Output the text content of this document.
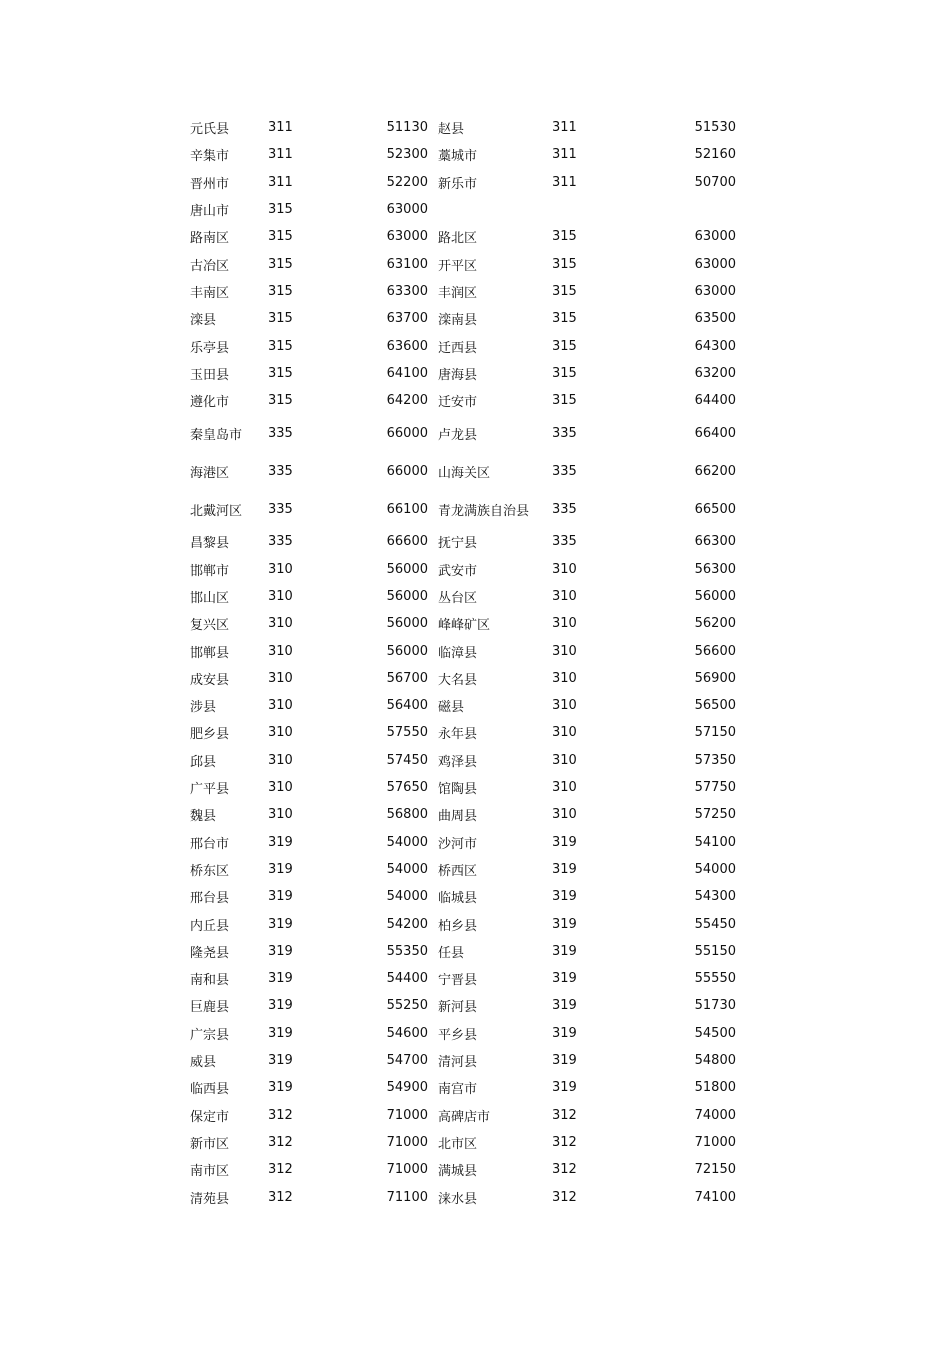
元氏县	311	51130	赵县	311	51530
辛集市	311	52300	藁城市	311	52160
晋州市	311	52200	新乐市	311	50700
唐山市	315	63000			
路南区	315	63000	路北区	315	63000
古冶区	315	63100	开平区	315	63000
丰南区	315	63300	丰润区	315	63000
滦县	315	63700	滦南县	315	63500
乐亭县	315	63600	迁西县	315	64300
玉田县	315	64100	唐海县	315	63200
遵化市	315	64200	迁安市	315	64400
秦皇岛市	335	66000	卢龙县	335	66400
海港区	335	66000	山海关区	335	66200
北戴河区	335	66100	青龙满族自治县	335	66500
昌黎县	335	66600	抚宁县	335	66300
邯郸市	310	56000	武安市	310	56300
邯山区	310	56000	丛台区	310	56000
复兴区	310	56000	峰峰矿区	310	56200
邯郸县	310	56000	临漳县	310	56600
成安县	310	56700	大名县	310	56900
涉县	310	56400	磁县	310	56500
肥乡县	310	57550	永年县	310	57150
邱县	310	57450	鸡泽县	310	57350
广平县	310	57650	馆陶县	310	57750
魏县	310	56800	曲周县	310	57250
邢台市	319	54000	沙河市	319	54100
桥东区	319	54000	桥西区	319	54000
邢台县	319	54000	临城县	319	54300
内丘县	319	54200	柏乡县	319	55450
隆尧县	319	55350	任县	319	55150
南和县	319	54400	宁晋县	319	55550
巨鹿县	319	55250	新河县	319	51730
广宗县	319	54600	平乡县	319	54500
威县	319	54700	清河县	319	54800
临西县	319	54900	南宫市	319	51800
保定市	312	71000	高碑店市	312	74000
新市区	312	71000	北市区	312	71000
南市区	312	71000	满城县	312	72150
清苑县	312	71100	涞水县	312	74100
